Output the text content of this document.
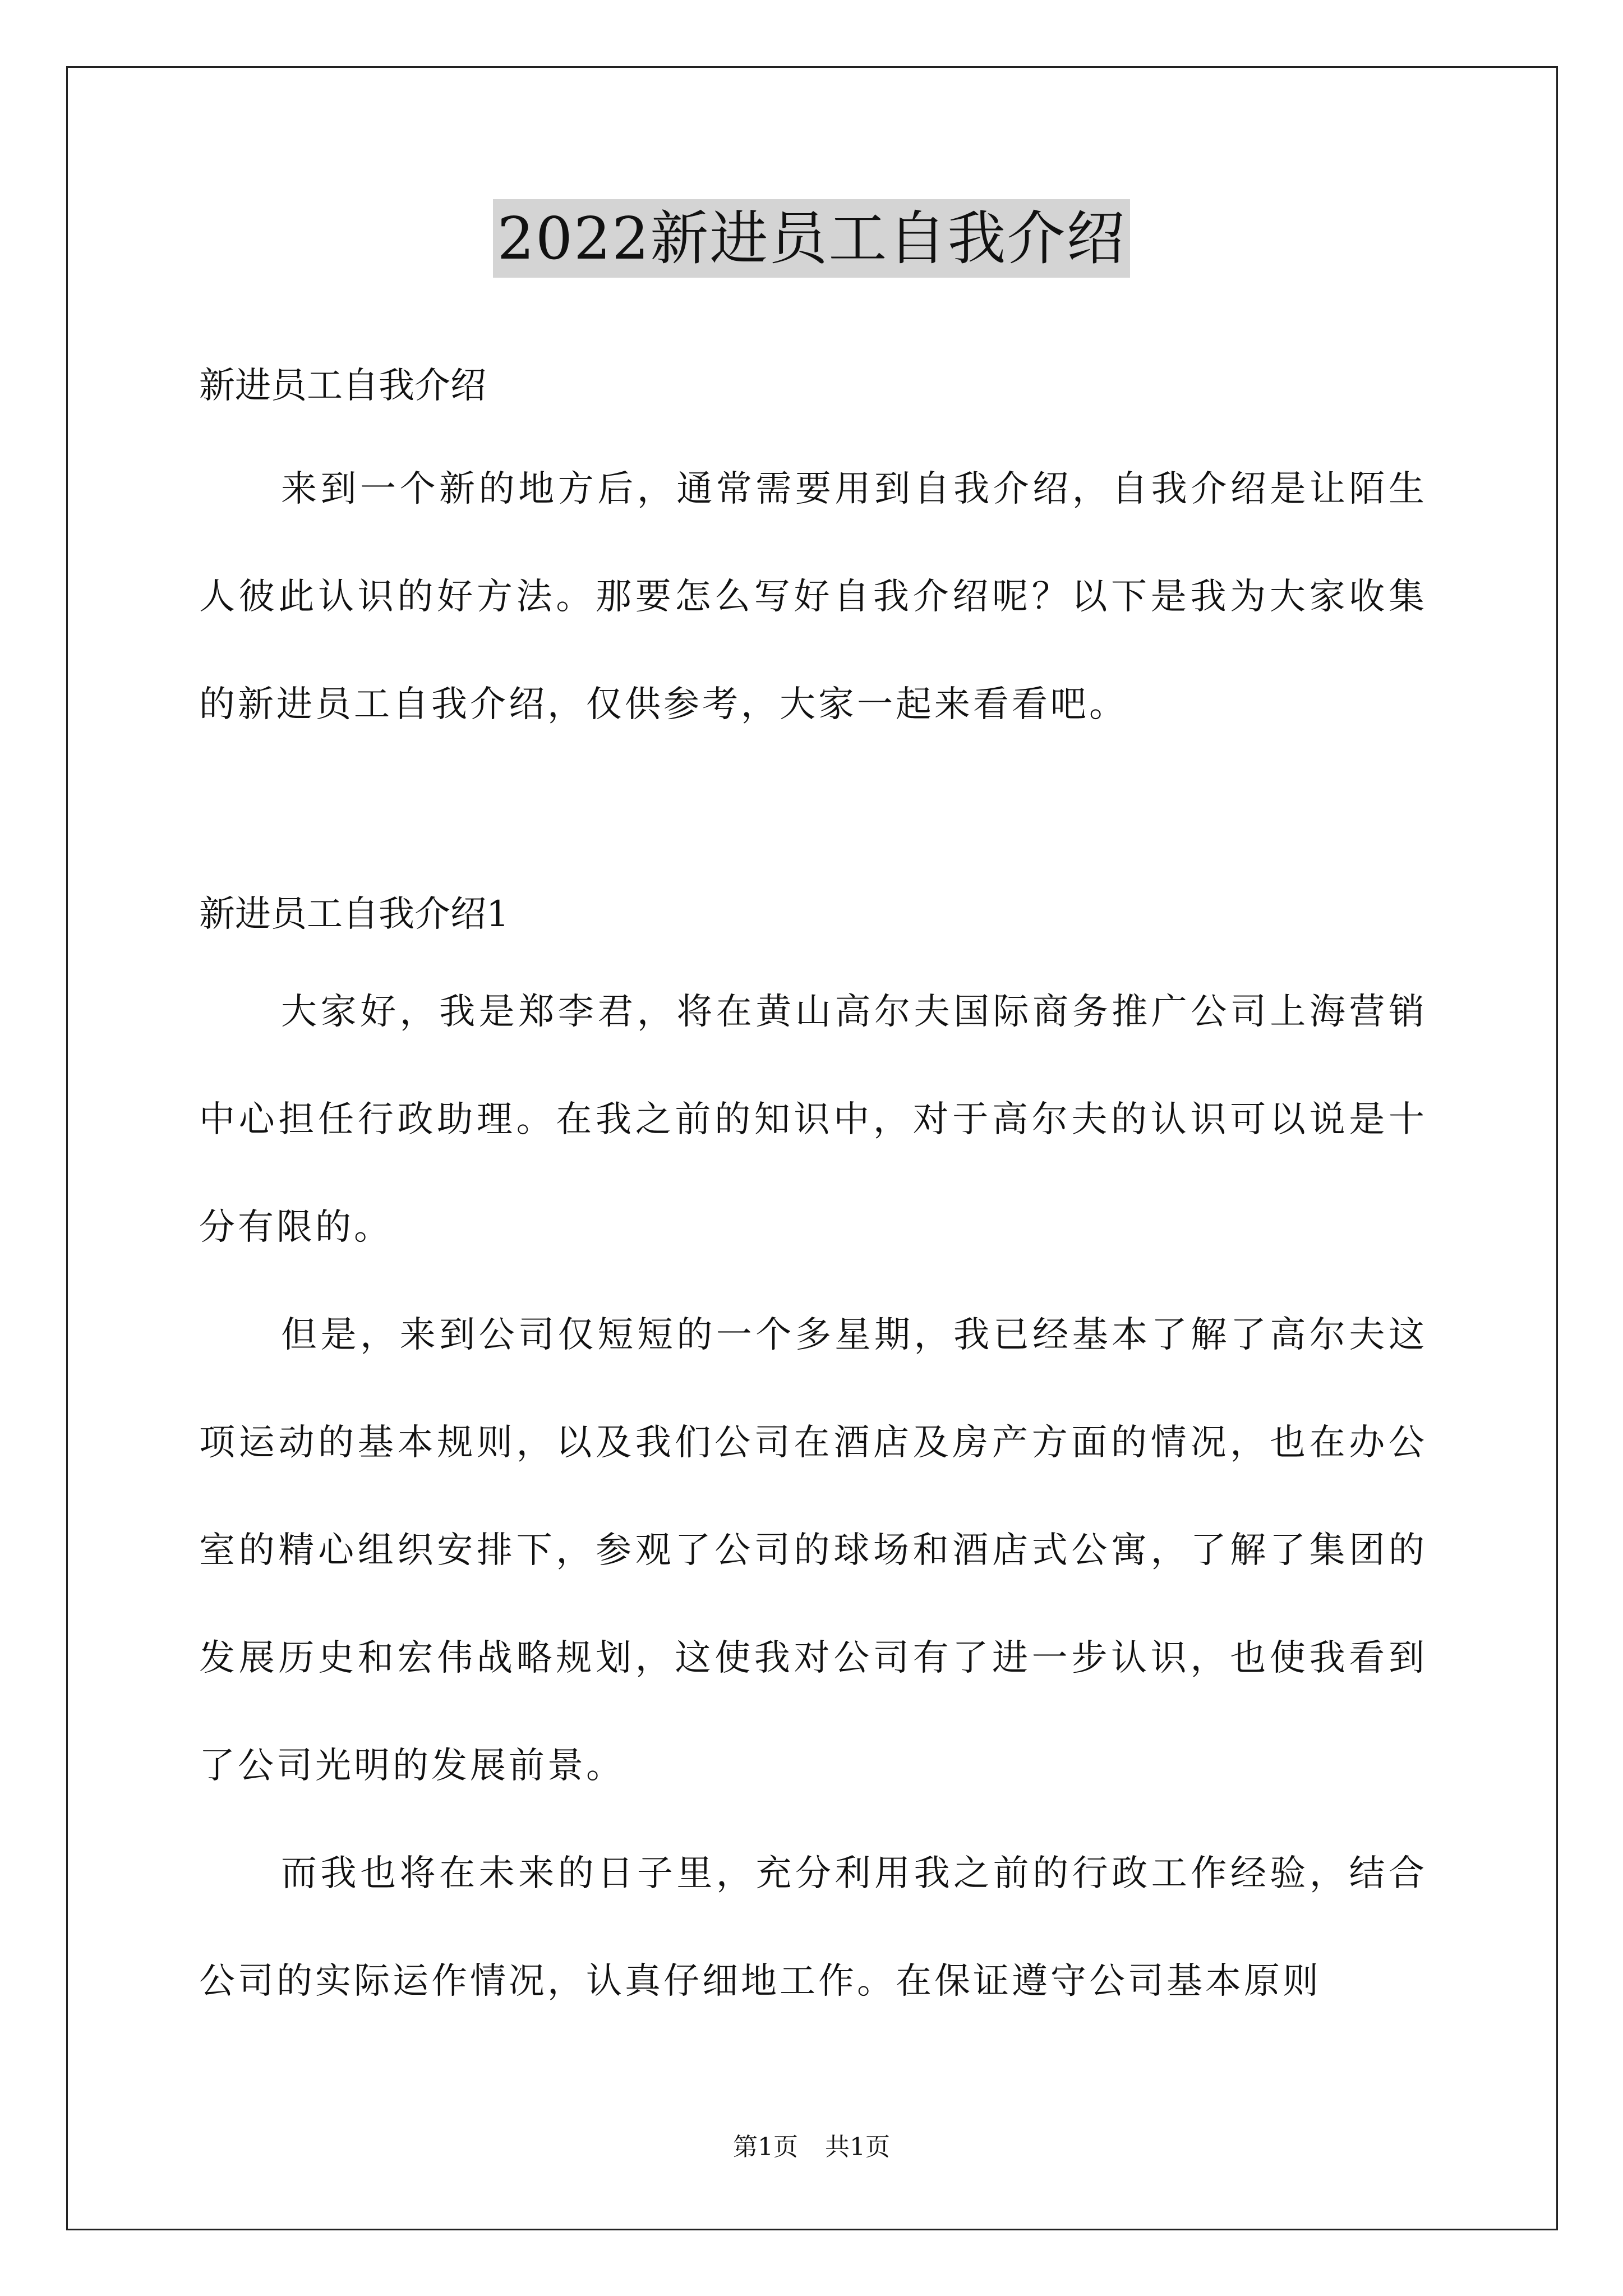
2022新进员工自我介绍

新进员工自我介绍

来到一个新的地方后，通常需要用到自我介绍，自我介绍是让陌生人彼此认识的好方法。那要怎么写好自我介绍呢？以下是我为大家收集的新进员工自我介绍，仅供参考，大家一起来看看吧。

新进员工自我介绍1

大家好，我是郑李君，将在黄山高尔夫国际商务推广公司上海营销中心担任行政助理。在我之前的知识中，对于高尔夫的认识可以说是十分有限的。

但是，来到公司仅短短的一个多星期，我已经基本了解了高尔夫这项运动的基本规则，以及我们公司在酒店及房产方面的情况，也在办公室的精心组织安排下，参观了公司的球场和酒店式公寓，了解了集团的发展历史和宏伟战略规划，这使我对公司有了进一步认识，也使我看到了公司光明的发展前景。

而我也将在未来的日子里，充分利用我之前的行政工作经验，结合公司的实际运作情况，认真仔细地工作。在保证遵守公司基本原则

第1页 共1页
